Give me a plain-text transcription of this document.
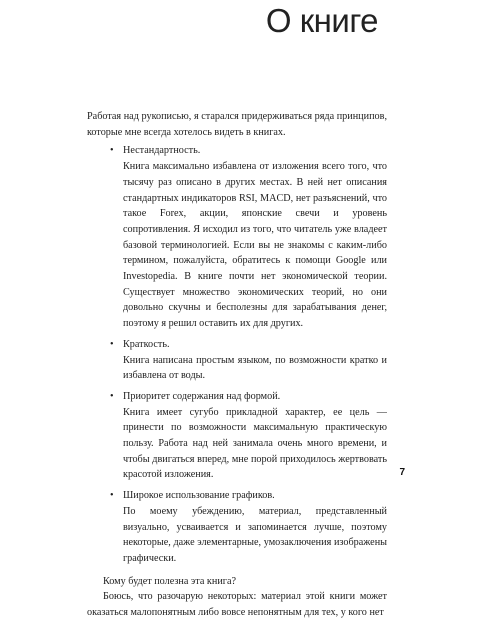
О книге

Работая над рукописью, я старался придерживаться ряда принципов, которые мне всегда хотелось видеть в книгах.

• Нестандартность.
Книга максимально избавлена от изложения всего того, что тысячу раз описано в других местах. В ней нет описания стандартных индикаторов RSI, MACD, нет разъяснений, что такое Forex, акции, японские свечи и уровень сопротивления. Я исходил из того, что читатель уже владеет базовой терминологией. Если вы не знакомы с каким-либо термином, пожалуйста, обратитесь к помощи Google или Investopedia. В книге почти нет экономической теории. Существует множество экономических теорий, но они довольно скучны и бесполезны для зарабатывания денег, поэтому я решил оставить их для других.
• Краткость.
Книга написана простым языком, по возможности кратко и избавлена от воды.
• Приоритет содержания над формой.
Книга имеет сугубо прикладной характер, ее цель — принести по возможности максимальную практическую пользу. Работа над ней занимала очень много времени, и чтобы двигаться вперед, мне порой приходилось жертвовать красотой изложения.
• Широкое использование графиков.
По моему убеждению, материал, представленный визуально, усваивается и запоминается лучше, поэтому некоторые, даже элементарные, умозаключения изображены графически.

Кому будет полезна эта книга?

Боюсь, что разочарую некоторых: материал этой книги может оказаться малопонятным либо вовсе непонятным для тех, у кого нет

7
